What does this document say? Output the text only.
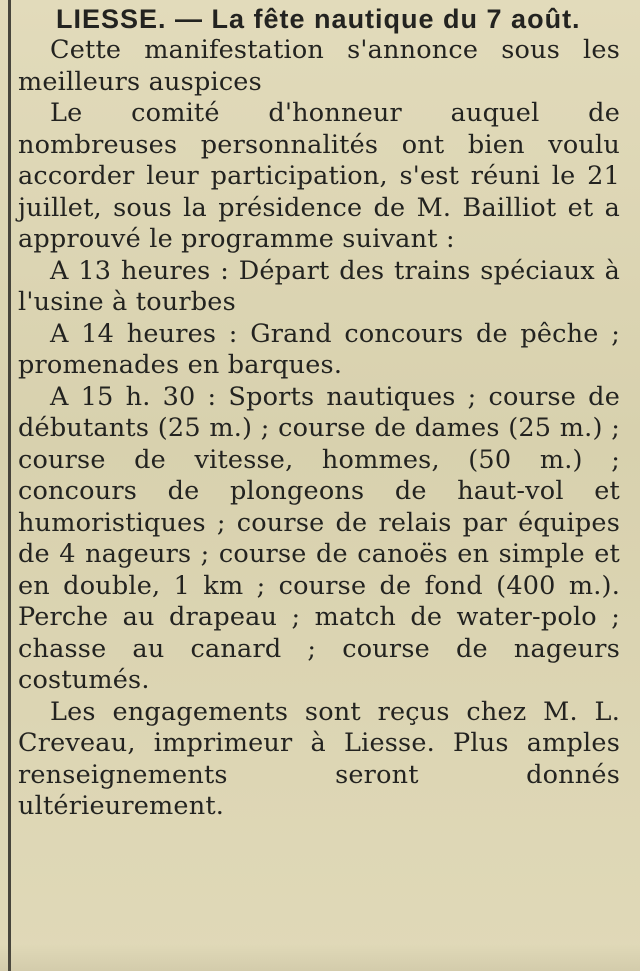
LIESSE. — La fête nautique du 7 août.

Cette manifestation s'annonce sous les meilleurs auspices

Le comité d'honneur auquel de nombreuses personnalités ont bien voulu accorder leur participation, s'est réuni le 21 juillet, sous la présidence de M. Bailliot et a approuvé le programme suivant :

A 13 heures : Départ des trains spéciaux à l'usine à tourbes

A 14 heures : Grand concours de pêche ; promenades en barques.

A 15 h. 30 : Sports nautiques ; course de débutants (25 m.) ; course de dames (25 m.) ; course de vitesse, hommes, (50 m.) ; concours de plongeons de haut-vol et humoristiques ; course de relais par équipes de 4 nageurs ; course de canoës en simple et en double, 1 km ; course de fond (400 m.). Perche au drapeau ; match de water-polo ; chasse au canard ; course de nageurs costumés.

Les engagements sont reçus chez M. L. Creveau, imprimeur à Liesse. Plus amples renseignements seront donnés ultérieurement.
